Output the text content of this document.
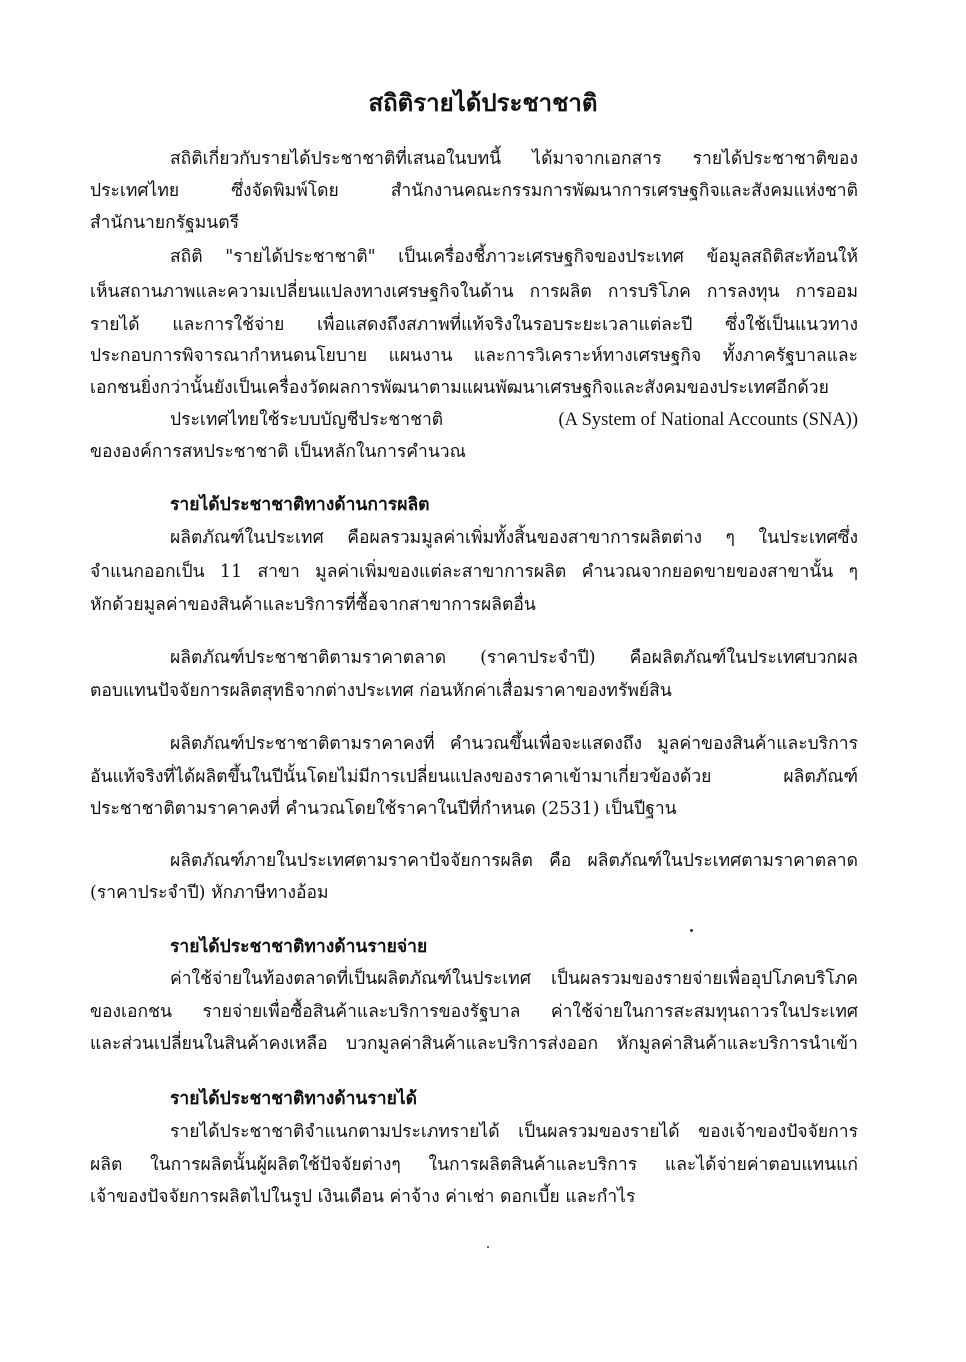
สถิติรายได้ประชาชาติ
สถิติเกี่ยวกับรายได้ประชาชาติที่เสนอในบทนี้ ได้มาจากเอกสาร รายได้ประชาชาติของ
ประเทศไทย ซึ่งจัดพิมพ์โดย สำนักงานคณะกรรมการพัฒนาการเศรษฐกิจและสังคมแห่งชาติ
สำนักนายกรัฐมนตรี
สถิติ "รายได้ประชาชาติ" เป็นเครื่องชี้ภาวะเศรษฐกิจของประเทศ ข้อมูลสถิติสะท้อนให้
เห็นสถานภาพและความเปลี่ยนแปลงทางเศรษฐกิจในด้าน การผลิต การบริโภค การลงทุน การออม
รายได้ และการใช้จ่าย เพื่อแสดงถึงสภาพที่แท้จริงในรอบระยะเวลาแต่ละปี ซึ่งใช้เป็นแนวทาง
ประกอบการพิจารณากำหนดนโยบาย แผนงาน และการวิเคราะห์ทางเศรษฐกิจ ทั้งภาครัฐบาลและ
เอกชนยิ่งกว่านั้นยังเป็นเครื่องวัดผลการพัฒนาตามแผนพัฒนาเศรษฐกิจและสังคมของประเทศอีกด้วย
ประเทศไทยใช้ระบบบัญชีประชาชาติ	(A System of National Accounts (SNA))
ขององค์การสหประชาชาติ เป็นหลักในการคำนวณ
รายได้ประชาชาติทางด้านการผลิต
ผลิตภัณฑ์ในประเทศ คือผลรวมมูลค่าเพิ่มทั้งสิ้นของสาขาการผลิตต่าง ๆ ในประเทศซึ่ง
จำแนกออกเป็น 11 สาขา มูลค่าเพิ่มของแต่ละสาขาการผลิต คำนวณจากยอดขายของสาขานั้น ๆ
หักด้วยมูลค่าของสินค้าและบริการที่ซื้อจากสาขาการผลิตอื่น
ผลิตภัณฑ์ประชาชาติตามราคาตลาด (ราคาประจำปี) คือผลิตภัณฑ์ในประเทศบวกผล
ตอบแทนปัจจัยการผลิตสุทธิจากต่างประเทศ ก่อนหักค่าเสื่อมราคาของทรัพย์สิน
ผลิตภัณฑ์ประชาชาติตามราคาคงที่ คำนวณขึ้นเพื่อจะแสดงถึง มูลค่าของสินค้าและบริการ
อันแท้จริงที่ได้ผลิตขึ้นในปีนั้นโดยไม่มีการเปลี่ยนแปลงของราคาเข้ามาเกี่ยวข้องด้วย ผลิตภัณฑ์
ประชาชาติตามราคาคงที่ คำนวณโดยใช้ราคาในปีที่กำหนด (2531) เป็นปีฐาน
ผลิตภัณฑ์ภายในประเทศตามราคาปัจจัยการผลิต คือ ผลิตภัณฑ์ในประเทศตามราคาตลาด
(ราคาประจำปี) หักภาษีทางอ้อม
รายได้ประชาชาติทางด้านรายจ่าย
ค่าใช้จ่ายในท้องตลาดที่เป็นผลิตภัณฑ์ในประเทศ เป็นผลรวมของรายจ่ายเพื่ออุปโภคบริโภค
ของเอกชน รายจ่ายเพื่อซื้อสินค้าและบริการของรัฐบาล ค่าใช้จ่ายในการสะสมทุนถาวรในประเทศ
และส่วนเปลี่ยนในสินค้าคงเหลือ บวกมูลค่าสินค้าและบริการส่งออก หักมูลค่าสินค้าและบริการนำเข้า
รายได้ประชาชาติทางด้านรายได้
รายได้ประชาชาติจำแนกตามประเภทรายได้ เป็นผลรวมของรายได้ ของเจ้าของปัจจัยการ
ผลิต ในการผลิตนั้นผู้ผลิตใช้ปัจจัยต่างๆ ในการผลิตสินค้าและบริการ และได้จ่ายค่าตอบแทนแก่
เจ้าของปัจจัยการผลิตไปในรูป เงินเดือน ค่าจ้าง ค่าเช่า ดอกเบี้ย และกำไร
